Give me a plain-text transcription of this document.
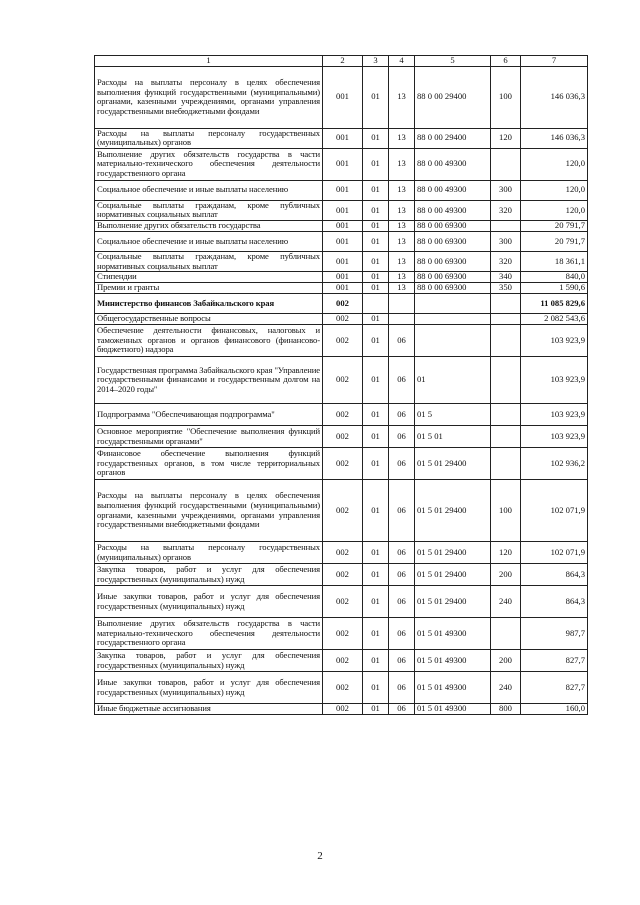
1	2	3	4	5	6	7
Расходы на выплаты персоналу в целях обеспечения выполнения функций государственными (муниципальными) органами, казенными учреждениями, органами управления государственными внебюджетными фондами	001	01	13	88 0 00 29400	100	146 036,3
Расходы на выплаты персоналу государственных (муниципальных) органов	001	01	13	88 0 00 29400	120	146 036,3
Выполнение других обязательств государства в части материально-технического обеспечения деятельности государственного органа	001	01	13	88 0 00 49300		120,0
Социальное обеспечение и иные выплаты населению	001	01	13	88 0 00 49300	300	120,0
Социальные выплаты гражданам, кроме публичных нормативных социальных выплат	001	01	13	88 0 00 49300	320	120,0
Выполнение других обязательств государства	001	01	13	88 0 00 69300		20 791,7
Социальное обеспечение и иные выплаты населению	001	01	13	88 0 00 69300	300	20 791,7
Социальные выплаты гражданам, кроме публичных нормативных социальных выплат	001	01	13	88 0 00 69300	320	18 361,1
Стипендии	001	01	13	88 0 00 69300	340	840,0
Премии и гранты	001	01	13	88 0 00 69300	350	1 590,6
Министерство финансов Забайкальского края	002					11 085 829,6
Общегосударственные вопросы	002	01				2 082 543,6
Обеспечение деятельности финансовых, налоговых и таможенных органов и органов финансового (финансово-бюджетного) надзора	002	01	06			103 923,9
Государственная программа Забайкальского края "Управление государственными финансами и государственным долгом на 2014–2020 годы"	002	01	06	01		103 923,9
Подпрограмма "Обеспечивающая подпрограмма"	002	01	06	01 5		103 923,9
Основное мероприятие "Обеспечение выполнения функций государственными органами"	002	01	06	01 5 01		103 923,9
Финансовое обеспечение выполнения функций государственных органов, в том числе территориальных органов	002	01	06	01 5 01 29400		102 936,2
Расходы на выплаты персоналу в целях обеспечения выполнения функций государственными (муниципальными) органами, казенными учреждениями, органами управления государственными внебюджетными фондами	002	01	06	01 5 01 29400	100	102 071,9
Расходы на выплаты персоналу государственных (муниципальных) органов	002	01	06	01 5 01 29400	120	102 071,9
Закупка товаров, работ и услуг для обеспечения государственных (муниципальных) нужд	002	01	06	01 5 01 29400	200	864,3
Иные закупки товаров, работ и услуг для обеспечения государственных (муниципальных) нужд	002	01	06	01 5 01 29400	240	864,3
Выполнение других обязательств государства в части материально-технического обеспечения деятельности государственного органа	002	01	06	01 5 01 49300		987,7
Закупка товаров, работ и услуг для обеспечения государственных (муниципальных) нужд	002	01	06	01 5 01 49300	200	827,7
Иные закупки товаров, работ и услуг для обеспечения государственных (муниципальных) нужд	002	01	06	01 5 01 49300	240	827,7
Иные бюджетные ассигнования	002	01	06	01 5 01 49300	800	160,0
2
